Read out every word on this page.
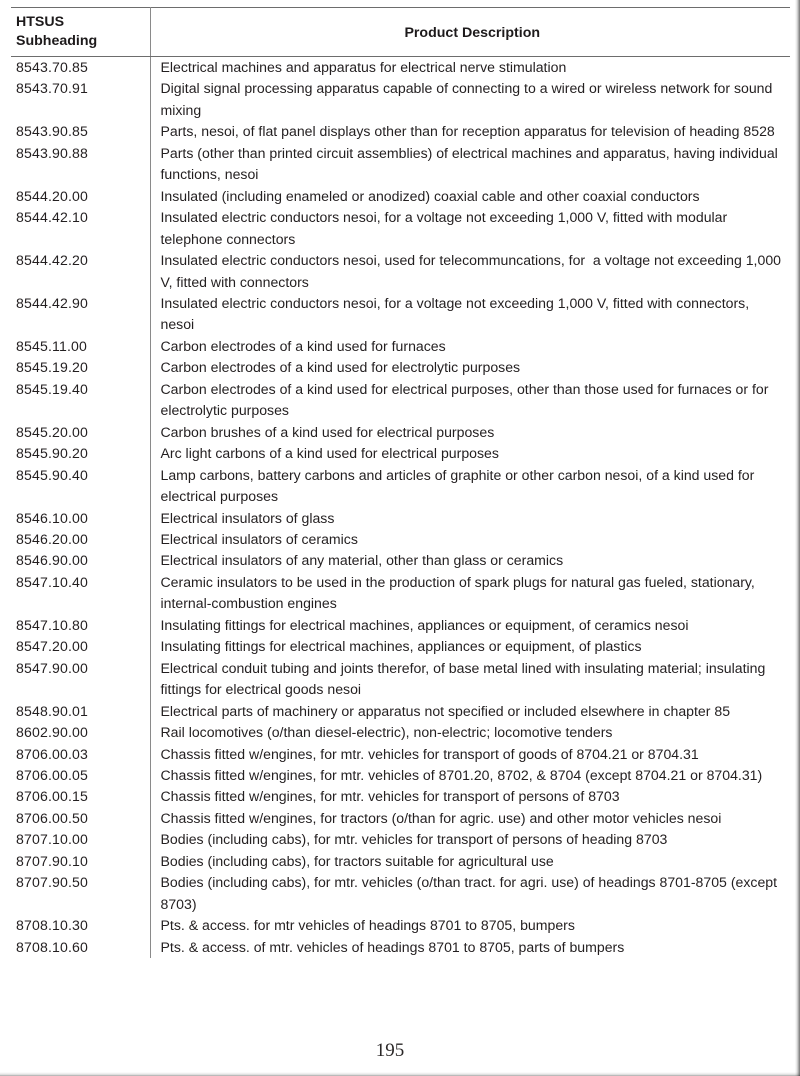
HTSUS
Subheading	Product Description
8543.70.85	Electrical machines and apparatus for electrical nerve stimulation
8543.70.91	Digital signal processing apparatus capable of connecting to a wired or wireless network for sound mixing
8543.90.85	Parts, nesoi, of flat panel displays other than for reception apparatus for television of heading 8528
8543.90.88	Parts (other than printed circuit assemblies) of electrical machines and apparatus, having individual functions, nesoi
8544.20.00	Insulated (including enameled or anodized) coaxial cable and other coaxial conductors
8544.42.10	Insulated electric conductors nesoi, for a voltage not exceeding 1,000 V, fitted with modular telephone connectors
8544.42.20	Insulated electric conductors nesoi, used for telecommuncations, for  a voltage not exceeding 1,000 V, fitted with connectors
8544.42.90	Insulated electric conductors nesoi, for a voltage not exceeding 1,000 V, fitted with connectors, nesoi
8545.11.00	Carbon electrodes of a kind used for furnaces
8545.19.20	Carbon electrodes of a kind used for electrolytic purposes
8545.19.40	Carbon electrodes of a kind used for electrical purposes, other than those used for furnaces or for electrolytic purposes
8545.20.00	Carbon brushes of a kind used for electrical purposes
8545.90.20	Arc light carbons of a kind used for electrical purposes
8545.90.40	Lamp carbons, battery carbons and articles of graphite or other carbon nesoi, of a kind used for electrical purposes
8546.10.00	Electrical insulators of glass
8546.20.00	Electrical insulators of ceramics
8546.90.00	Electrical insulators of any material, other than glass or ceramics
8547.10.40	Ceramic insulators to be used in the production of spark plugs for natural gas fueled, stationary, internal-combustion engines
8547.10.80	Insulating fittings for electrical machines, appliances or equipment, of ceramics nesoi
8547.20.00	Insulating fittings for electrical machines, appliances or equipment, of plastics
8547.90.00	Electrical conduit tubing and joints therefor, of base metal lined with insulating material; insulating fittings for electrical goods nesoi
8548.90.01	Electrical parts of machinery or apparatus not specified or included elsewhere in chapter 85
8602.90.00	Rail locomotives (o/than diesel-electric), non-electric; locomotive tenders
8706.00.03	Chassis fitted w/engines, for mtr. vehicles for transport of goods of 8704.21 or 8704.31
8706.00.05	Chassis fitted w/engines, for mtr. vehicles of 8701.20, 8702, & 8704 (except 8704.21 or 8704.31)
8706.00.15	Chassis fitted w/engines, for mtr. vehicles for transport of persons of 8703
8706.00.50	Chassis fitted w/engines, for tractors (o/than for agric. use) and other motor vehicles nesoi
8707.10.00	Bodies (including cabs), for mtr. vehicles for transport of persons of heading 8703
8707.90.10	Bodies (including cabs), for tractors suitable for agricultural use
8707.90.50	Bodies (including cabs), for mtr. vehicles (o/than tract. for agri. use) of headings 8701-8705 (except 8703)
8708.10.30	Pts. & access. for mtr vehicles of headings 8701 to 8705, bumpers
8708.10.60	Pts. & access. of mtr. vehicles of headings 8701 to 8705, parts of bumpers
195
